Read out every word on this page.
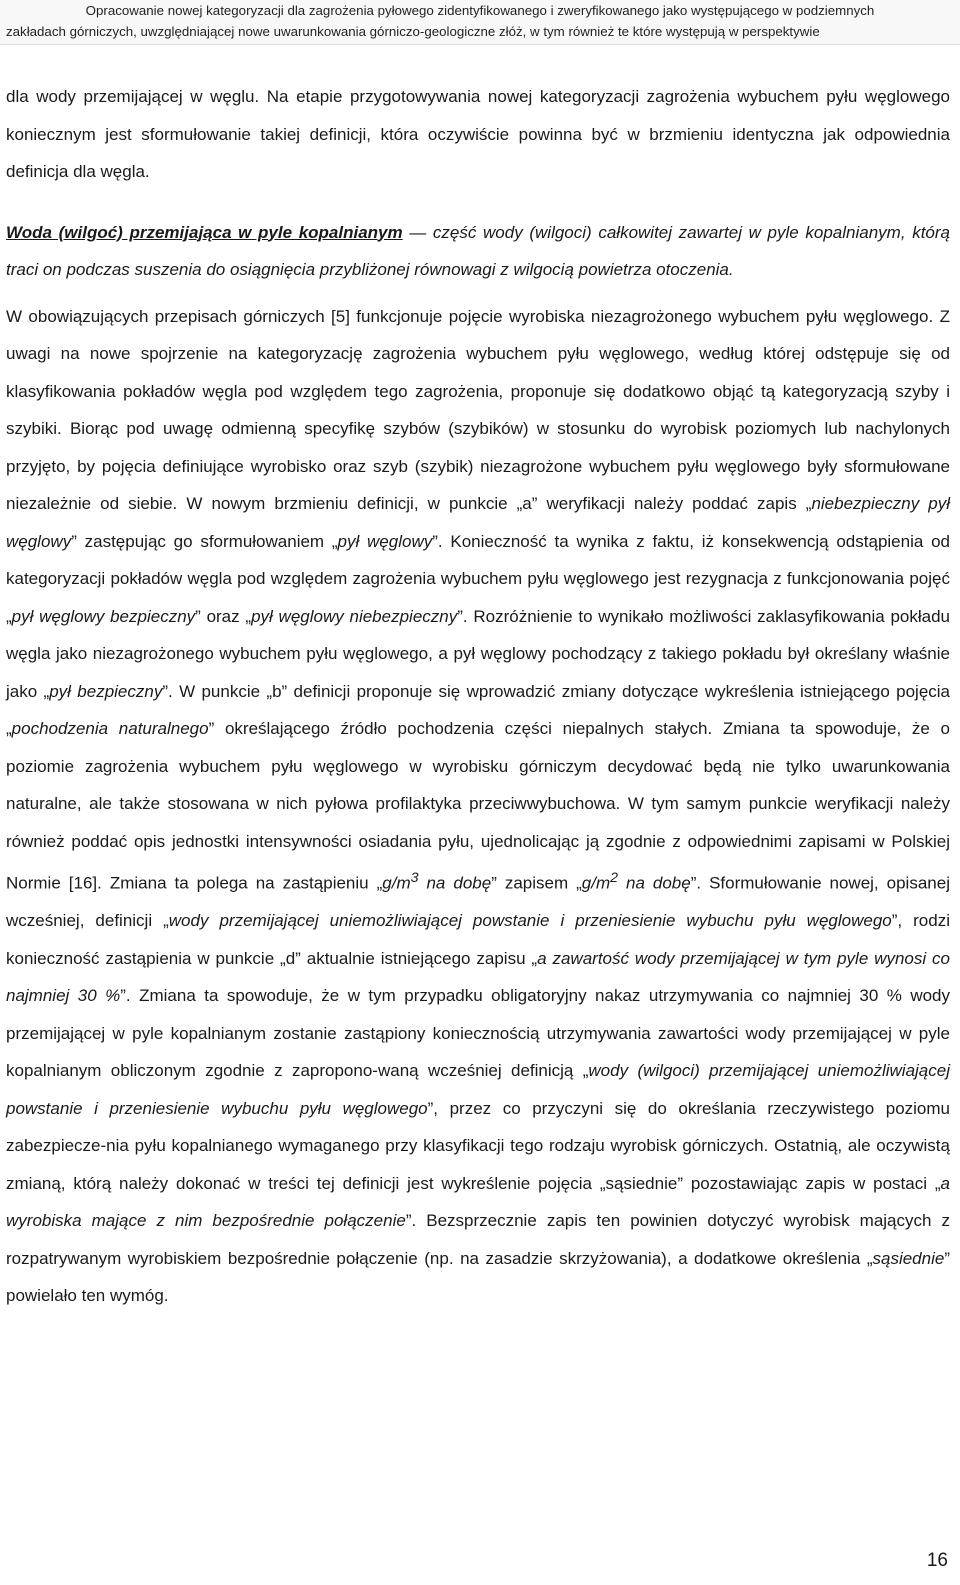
Opracowanie nowej kategoryzacji dla zagrożenia pyłowego zidentyfikowanego i zweryfikowanego jako występującego w podziemnych
zakładach górniczych, uwzględniającej nowe uwarunkowania górniczo-geologiczne złóż, w tym również te które występują w perspektywie

dla wody przemijającej w węglu. Na etapie przygotowywania nowej kategoryzacji zagrożenia wybuchem pyłu węglowego koniecznym jest sformułowanie takiej definicji, która oczywiście powinna być w brzmieniu identyczna jak odpowiednia definicja dla węgla.

Woda (wilgoć) przemijająca w pyle kopalnianym — część wody (wilgoci) całkowitej zawartej w pyle kopalnianym, którą traci on podczas suszenia do osiągnięcia przybliżonej równowagi z wilgocią powietrza otoczenia.

W obowiązujących przepisach górniczych [5] funkcjonuje pojęcie wyrobiska niezagrożonego wybuchem pyłu węglowego. Z uwagi na nowe spojrzenie na kategoryzację zagrożenia wybuchem pyłu węglowego, według której odstępuje się od klasyfikowania pokładów węgla pod względem tego zagrożenia, proponuje się dodatkowo objąć tą kategoryzacją szyby i szybiki. Biorąc pod uwagę odmienną specyfikę szybów (szybików) w stosunku do wyrobisk poziomych lub nachylonych przyjęto, by pojęcia definiujące wyrobisko oraz szyb (szybik) niezagrożone wybuchem pyłu węglowego były sformułowane niezależnie od siebie. W nowym brzmieniu definicji, w punkcie „a” weryfikacji należy poddać zapis „niebezpieczny pył węglowy” zastępując go sformułowaniem „pył węglowy”. Konieczność ta wynika z faktu, iż konsekwencją odstąpienia od kategoryzacji pokładów węgla pod względem zagrożenia wybuchem pyłu węglowego jest rezygnacja z funkcjonowania pojęć „pył węglowy bezpieczny” oraz „pył węglowy niebezpieczny”. Rozróżnienie to wynikało możliwości zaklasyfikowania pokładu węgla jako niezagrożonego wybuchem pyłu węglowego, a pył węglowy pochodzący z takiego pokładu był określany właśnie jako „pył bezpieczny”. W punkcie „b” definicji proponuje się wprowadzić zmiany dotyczące wykreślenia istniejącego pojęcia „pochodzenia naturalnego” określającego źródło pochodzenia części niepalnych stałych. Zmiana ta spowoduje, że o poziomie zagrożenia wybuchem pyłu węglowego w wyrobisku górniczym decydować będą nie tylko uwarunkowania naturalne, ale także stosowana w nich pyłowa profilaktyka przeciwwybuchowa. W tym samym punkcie weryfikacji należy również poddać opis jednostki intensywności osiadania pyłu, ujednolicając ją zgodnie z odpowiednimi zapisami w Polskiej Normie [16]. Zmiana ta polega na zastąpieniu $„g/m^3$ na dobę” zapisem $„g/m^2$ na dobę”. Sformułowanie nowej, opisanej wcześniej, definicji „wody przemijającej uniemożliwiającej powstanie i przeniesienie wybuchu pyłu węglowego”, rodzi konieczność zastąpienia w punkcie „d” aktualnie istniejącego zapisu „a zawartość wody przemijającej w tym pyle wynosi co najmniej 30 %”. Zmiana ta spowoduje, że w tym przypadku obligatoryjny nakaz utrzymywania co najmniej 30 % wody przemijającej w pyle kopalnianym zostanie zastąpiony koniecznością utrzymywania zawartości wody przemijającej w pyle kopalnianym obliczonym zgodnie z zapropono-waną wcześniej definicją „wody (wilgoci) przemijającej uniemożliwiającej powstanie i przeniesienie wybuchu pyłu węglowego”, przez co przyczyni się do określania rzeczywistego poziomu zabezpiecze-nia pyłu kopalnianego wymaganego przy klasyfikacji tego rodzaju wyrobisk górniczych. Ostatnią, ale oczywistą zmianą, którą należy dokonać w treści tej definicji jest wykreślenie pojęcia „sąsiednie” pozostawiając zapis w postaci „a wyrobiska mające z nim bezpośrednie połączenie”. Bezsprzecznie zapis ten powinien dotyczyć wyrobisk mających z rozpatrywanym wyrobiskiem bezpośrednie połączenie (np. na zasadzie skrzyżowania), a dodatkowe określenia „sąsiednie” powielało ten wymóg.

16
